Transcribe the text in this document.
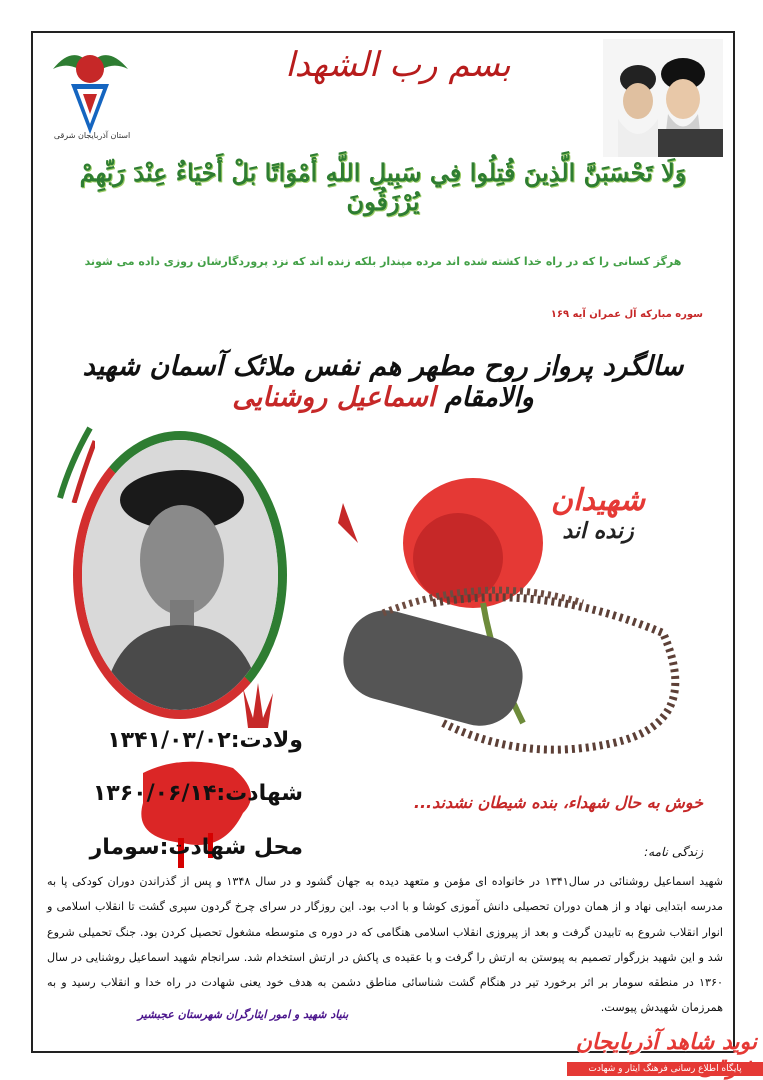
استان آذربایجان شرقی
بسم رب الشهدا
وَلَا تَحْسَبَنَّ الَّذِينَ قُتِلُوا فِي سَبِيلِ اللَّهِ أَمْوَاتًا بَلْ أَحْيَاءٌ عِنْدَ رَبِّهِمْ يُرْزَقُونَ
هرگز کسانی را که در راه خدا کشته شده اند مرده مپندار بلکه زنده اند که نزد پروردگارشان روزی داده می شوند
سوره مبارکه آل عمران آیه ۱۶۹
سالگرد پرواز روح مطهر هم نفس ملائک آسمان شهید والامقام اسماعیل روشنایی
شهیدان
زنده اند
ولادت:۱۳۴۱/۰۳/۰۲
شهادت:۱۳۶۰/۰۶/۱۴
محل شهادت:سومار
خوش به حال شهداء، بنده شیطان نشدند...
زندگی نامه:
شهید اسماعیل روشنائی در سال۱۳۴۱ در خانواده ای مؤمن و متعهد دیده به جهان گشود و در سال ۱۳۴۸ و پس از گذراندن دوران کودکی پا به مدرسه ابتدایی نهاد و از همان دوران تحصیلی دانش آموزی کوشا و با ادب بود. این روزگار در سرای چرخ گردون سپری گشت تا انقلاب اسلامی و انوار انقلاب شروع به تابیدن گرفت و بعد از پیروزی انقلاب اسلامی هنگامی که در دوره ی متوسطه مشغول تحصیل کردن بود. جنگ تحمیلی شروع شد و این شهید بزرگوار تصمیم به پیوستن به ارتش را گرفت و با عقیده ی پاکش در ارتش استخدام شد. سرانجام شهید اسماعیل روشنایی در سال ۱۳۶۰ در منطقه سومار بر اثر برخورد تیر در هنگام گشت شناسائی مناطق دشمن به هدف خود یعنی شهادت در راه خدا و انقلاب رسید و به همرزمان شهیدش پیوست.
بنیاد شهید و امور ایثارگران شهرستان عجبشیر
نوید شاهد آذربایجان
پایگاه اطلاع رسانی فرهنگ ایثار و شهادت
